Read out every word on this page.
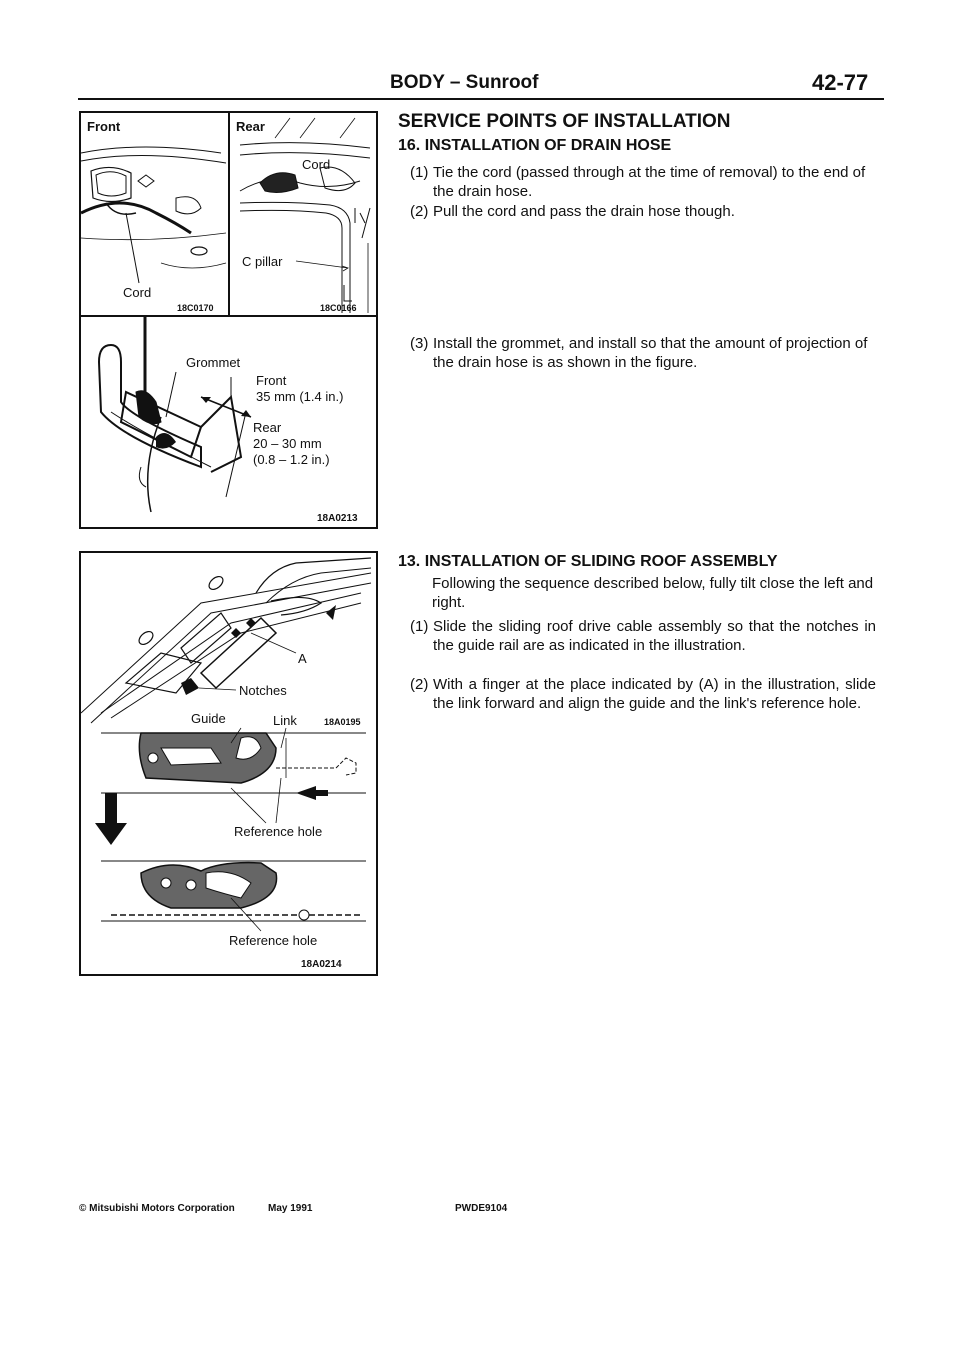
BODY – Sunroof	42-77
Front
Cord
18C0170
Rear
Cord
C pillar
18C0166
Grommet
Front
35 mm (1.4 in.)
Rear
20 – 30 mm
(0.8 – 1.2 in.)
18A0213
A
Notches
Guide	Link	18A0195
Reference hole
Reference hole
18A0214
SERVICE POINTS OF INSTALLATION
16. INSTALLATION OF DRAIN HOSE
(1) Tie the cord (passed through at the time of removal) to the end of the drain hose.
(2) Pull the cord and pass the drain hose though.
(3) Install the grommet, and install so that the amount of projection of the drain hose is as shown in the figure.
13. INSTALLATION OF SLIDING ROOF ASSEMBLY
Following the sequence described below, fully tilt close the left and right.
(1) Slide the sliding roof drive cable assembly so that the notches in the guide rail are as indicated in the illustration.
(2) With a finger at the place indicated by (A) in the illustration, slide the link forward and align the guide and the link's reference hole.
© Mitsubishi Motors Corporation	May 1991	PWDE9104
